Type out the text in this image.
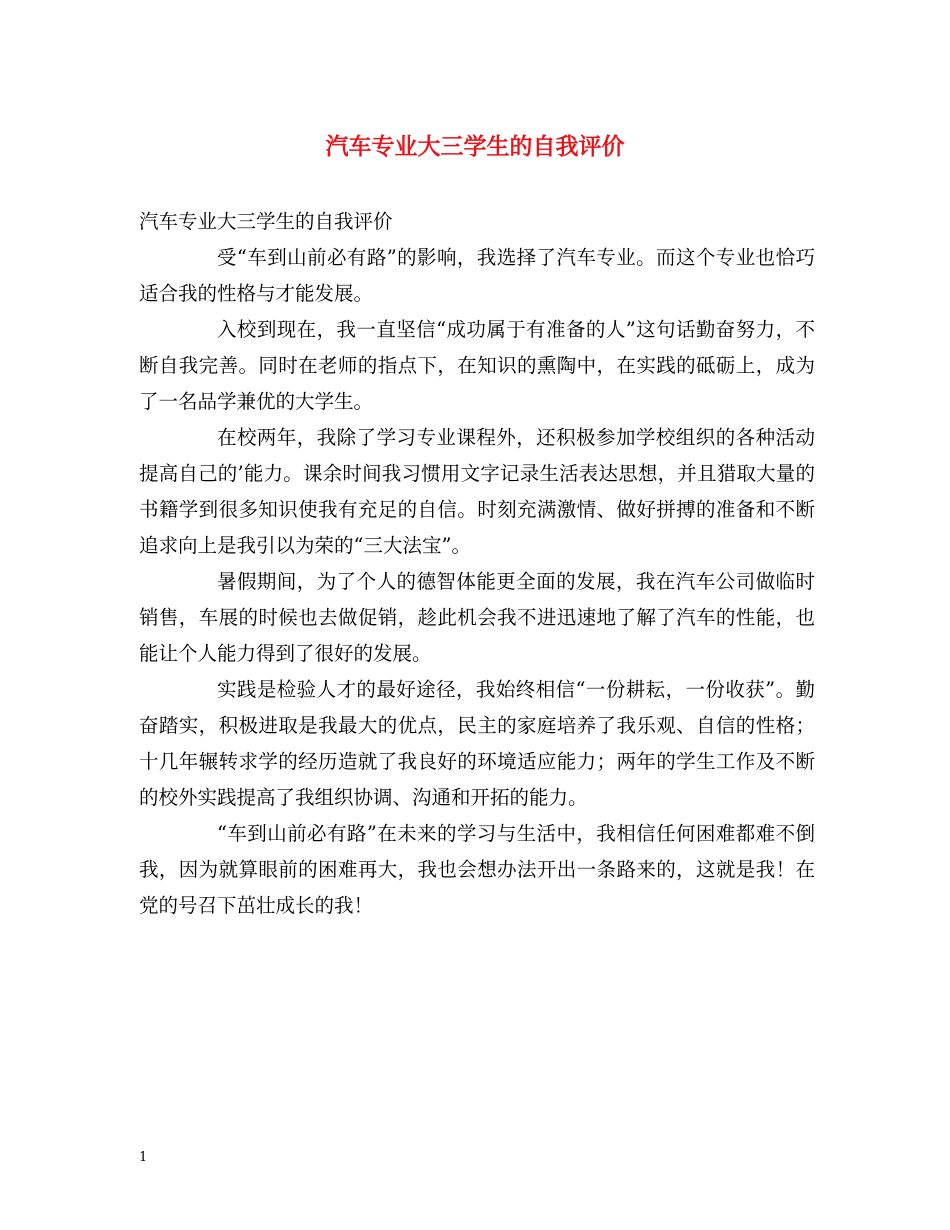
汽车专业大三学生的自我评价

汽车专业大三学生的自我评价

受“车到山前必有路”的影响，我选择了汽车专业。而这个专业也恰巧适合我的性格与才能发展。

入校到现在，我一直坚信“成功属于有准备的人”这句话勤奋努力，不断自我完善。同时在老师的指点下，在知识的熏陶中，在实践的砥砺上，成为了一名品学兼优的大学生。

在校两年，我除了学习专业课程外，还积极参加学校组织的各种活动提高自己的’能力。课余时间我习惯用文字记录生活表达思想，并且猎取大量的书籍学到很多知识使我有充足的自信。时刻充满激情、做好拼搏的准备和不断追求向上是我引以为荣的“三大法宝”。

暑假期间，为了个人的德智体能更全面的发展，我在汽车公司做临时销售，车展的时候也去做促销，趁此机会我不进迅速地了解了汽车的性能，也能让个人能力得到了很好的发展。

实践是检验人才的最好途径，我始终相信“一份耕耘，一份收获”。勤奋踏实，积极进取是我最大的优点，民主的家庭培养了我乐观、自信的性格；十几年辗转求学的经历造就了我良好的环境适应能力；两年的学生工作及不断的校外实践提高了我组织协调、沟通和开拓的能力。

“车到山前必有路”在未来的学习与生活中，我相信任何困难都难不倒我，因为就算眼前的困难再大，我也会想办法开出一条路来的，这就是我！在党的号召下茁壮成长的我！

1
